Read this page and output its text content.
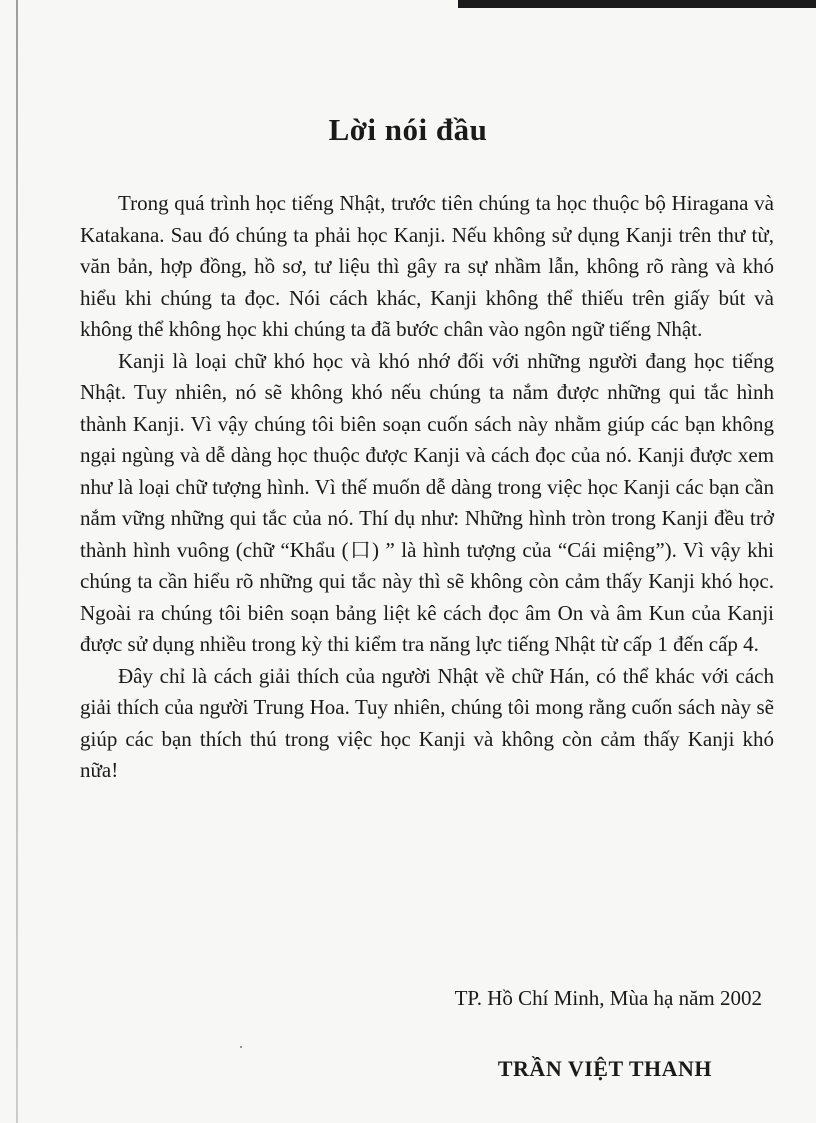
Lời nói đầu

Trong quá trình học tiếng Nhật, trước tiên chúng ta học thuộc bộ Hiragana và Katakana. Sau đó chúng ta phải học Kanji. Nếu không sử dụng Kanji trên thư từ, văn bản, hợp đồng, hồ sơ, tư liệu thì gây ra sự nhầm lẫn, không rõ ràng và khó hiểu khi chúng ta đọc. Nói cách khác, Kanji không thể thiếu trên giấy bút và không thể không học khi chúng ta đã bước chân vào ngôn ngữ tiếng Nhật.

Kanji là loại chữ khó học và khó nhớ đối với những người đang học tiếng Nhật. Tuy nhiên, nó sẽ không khó nếu chúng ta nắm được những qui tắc hình thành Kanji. Vì vậy chúng tôi biên soạn cuốn sách này nhằm giúp các bạn không ngại ngùng và dễ dàng học thuộc được Kanji và cách đọc của nó. Kanji được xem như là loại chữ tượng hình. Vì thế muốn dễ dàng trong việc học Kanji các bạn cần nắm vững những qui tắc của nó. Thí dụ như: Những hình tròn trong Kanji đều trở thành hình vuông (chữ “Khẩu (口) ” là hình tượng của “Cái miệng”). Vì vậy khi chúng ta cần hiểu rõ những qui tắc này thì sẽ không còn cảm thấy Kanji khó học. Ngoài ra chúng tôi biên soạn bảng liệt kê cách đọc âm On và âm Kun của Kanji được sử dụng nhiều trong kỳ thi kiểm tra năng lực tiếng Nhật từ cấp 1 đến cấp 4.

Đây chỉ là cách giải thích của người Nhật về chữ Hán, có thể khác với cách giải thích của người Trung Hoa. Tuy nhiên, chúng tôi mong rằng cuốn sách này sẽ giúp các bạn thích thú trong việc học Kanji và không còn cảm thấy Kanji khó nữa!

TP. Hồ Chí Minh, Mùa hạ năm 2002
TRẦN VIỆT THANH
